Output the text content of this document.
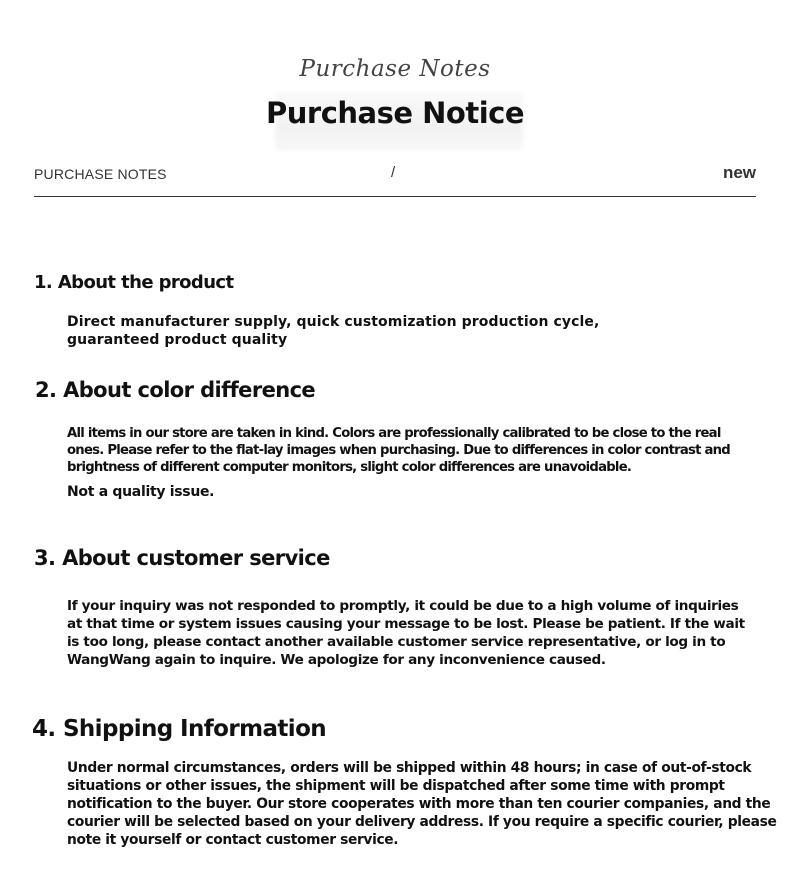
Purchase Notes
Purchase Notice
PURCHASE NOTES	/	new
1. About the product

Direct manufacturer supply, quick customization production cycle,

guaranteed product quality

2. About color difference

All items in our store are taken in kind. Colors are professionally calibrated to be close to the real

ones. Please refer to the flat-lay images when purchasing. Due to differences in color contrast and

brightness of different computer monitors, slight color differences are unavoidable.

Not a quality issue.
3. About customer service

If your inquiry was not responded to promptly, it could be due to a high volume of inquiries

at that time or system issues causing your message to be lost. Please be patient. If the wait

is too long, please contact another available customer service representative, or log in to

WangWang again to inquire. We apologize for any inconvenience caused.

4. Shipping Information

Under normal circumstances, orders will be shipped within 48 hours; in case of out-of-stock

situations or other issues, the shipment will be dispatched after some time with prompt

notification to the buyer. Our store cooperates with more than ten courier companies, and the

courier will be selected based on your delivery address. If you require a specific courier, please

note it yourself or contact customer service.
